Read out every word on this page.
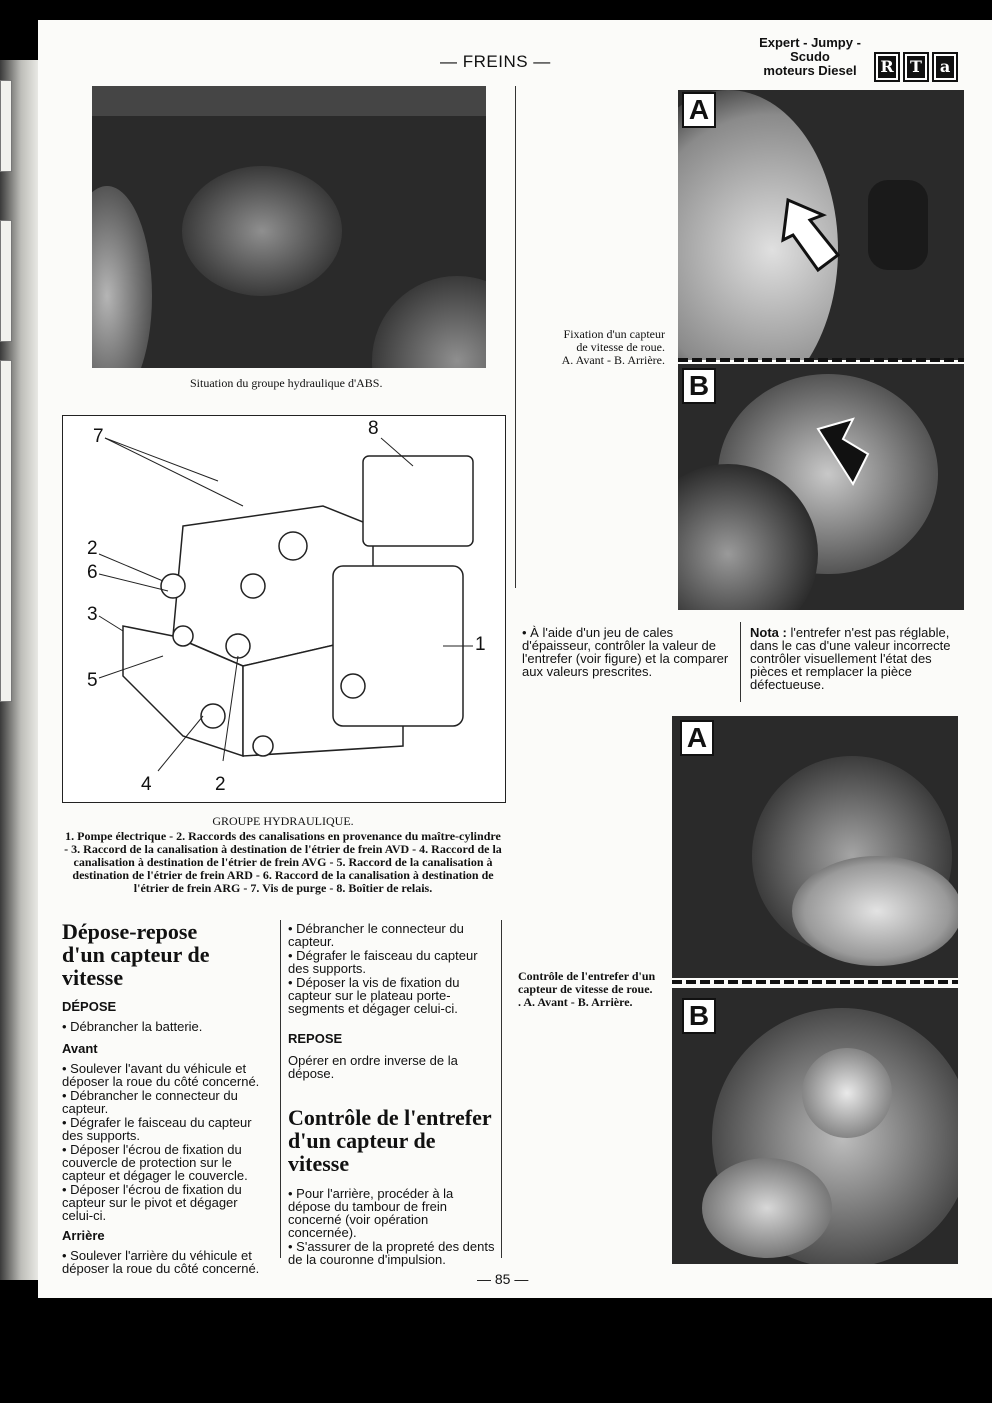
— FREINS —
Expert - Jumpy -
Scudo
moteurs Diesel	R	T	a
Situation du groupe hydraulique d'ABS.
7	8
2
6
3
5
1
4	2
GROUPE HYDRAULIQUE.
1. Pompe électrique - 2. Raccords des canalisations en provenance du maître-cylindre - 3. Raccord de la canalisation à destination de l'étrier de frein AVD - 4. Raccord de la canalisation à destination de l'étrier de frein AVG - 5. Raccord de la canalisation à destination de l'étrier de frein ARD - 6. Raccord de la canalisation à destination de l'étrier de frein ARG - 7. Vis de purge - 8. Boîtier de relais.
A
B
Fixation d'un capteur
de vitesse de roue.
A. Avant - B. Arrière.
• À l'aide d'un jeu de cales d'épaisseur, contrôler la valeur de l'entrefer (voir figure) et la comparer aux valeurs prescrites.
Nota : l'entrefer n'est pas réglable, dans le cas d'une valeur incorrecte contrôler visuellement l'état des pièces et remplacer la pièce défectueuse.
A
B
Contrôle de l'entrefer d'un
capteur de vitesse de roue.
. A. Avant - B. Arrière.
Dépose-repose
d'un capteur de vitesse
DÉPOSE
• Débrancher la batterie.
Avant

• Soulever l'avant du véhicule et déposer la roue du côté concerné.

• Débrancher le connecteur du capteur.

• Dégrafer le faisceau du capteur des supports.

• Déposer l'écrou de fixation du couvercle de protection sur le capteur et dégager le couvercle.

• Déposer l'écrou de fixation du capteur sur le pivot et dégager celui-ci.

Arrière
• Soulever l'arrière du véhicule et déposer la roue du côté concerné.

• Débrancher le connecteur du capteur.

• Dégrafer le faisceau du capteur des supports.

• Déposer la vis de fixation du capteur sur le plateau porte-segments et dégager celui-ci.

REPOSE
Opérer en ordre inverse de la dépose.
Contrôle de l'entrefer
d'un capteur de vitesse

• Pour l'arrière, procéder à la dépose du tambour de frein concerné (voir opération concernée).

• S'assurer de la propreté des dents de la couronne d'impulsion.

— 85 —
